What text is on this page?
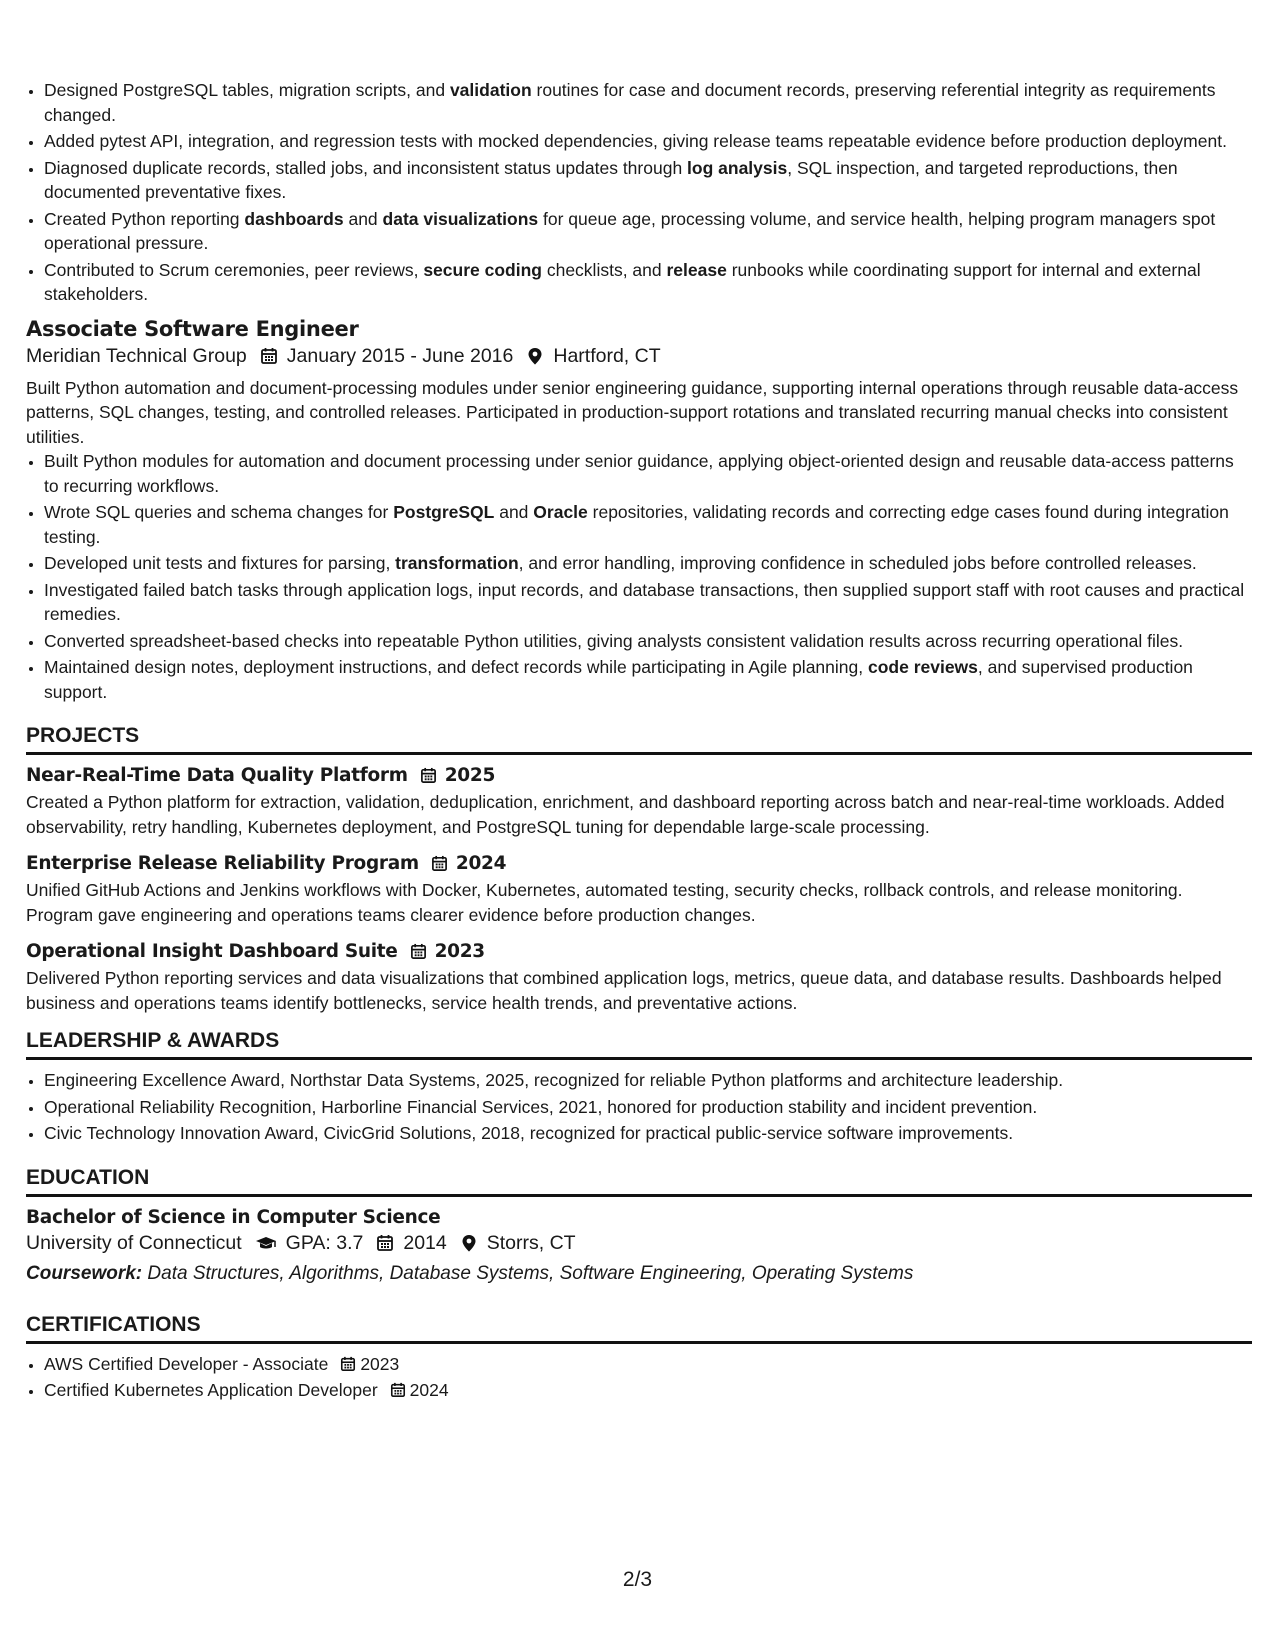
• Designed PostgreSQL tables, migration scripts, and validation routines for case and document records, preserving referential integrity as requirements changed.
• Added pytest API, integration, and regression tests with mocked dependencies, giving release teams repeatable evidence before production deployment.
• Diagnosed duplicate records, stalled jobs, and inconsistent status updates through log analysis, SQL inspection, and targeted reproductions, then documented preventative fixes.
• Created Python reporting dashboards and data visualizations for queue age, processing volume, and service health, helping program managers spot operational pressure.
• Contributed to Scrum ceremonies, peer reviews, secure coding checklists, and release runbooks while coordinating support for internal and external stakeholders.
Associate Software Engineer
Meridian Technical Group January 2015 - June 2016 Hartford, CT

Built Python automation and document-processing modules under senior engineering guidance, supporting internal operations through reusable data-access patterns, SQL changes, testing, and controlled releases. Participated in production-support rotations and translated recurring manual checks into consistent utilities.

• Built Python modules for automation and document processing under senior guidance, applying object-oriented design and reusable data-access patterns to recurring workflows.
• Wrote SQL queries and schema changes for PostgreSQL and Oracle repositories, validating records and correcting edge cases found during integration testing.
• Developed unit tests and fixtures for parsing, transformation, and error handling, improving confidence in scheduled jobs before controlled releases.
• Investigated failed batch tasks through application logs, input records, and database transactions, then supplied support staff with root causes and practical remedies.
• Converted spreadsheet-based checks into repeatable Python utilities, giving analysts consistent validation results across recurring operational files.
• Maintained design notes, deployment instructions, and defect records while participating in Agile planning, code reviews, and supervised production support.
PROJECTS
Near-Real-Time Data Quality Platform 2025

Created a Python platform for extraction, validation, deduplication, enrichment, and dashboard reporting across batch and near-real-time workloads. Added observability, retry handling, Kubernetes deployment, and PostgreSQL tuning for dependable large-scale processing.

Enterprise Release Reliability Program 2024

Unified GitHub Actions and Jenkins workflows with Docker, Kubernetes, automated testing, security checks, rollback controls, and release monitoring. Program gave engineering and operations teams clearer evidence before production changes.

Operational Insight Dashboard Suite 2023

Delivered Python reporting services and data visualizations that combined application logs, metrics, queue data, and database results. Dashboards helped business and operations teams identify bottlenecks, service health trends, and preventative actions.

LEADERSHIP & AWARDS
• Engineering Excellence Award, Northstar Data Systems, 2025, recognized for reliable Python platforms and architecture leadership.
• Operational Reliability Recognition, Harborline Financial Services, 2021, honored for production stability and incident prevention.
• Civic Technology Innovation Award, CivicGrid Solutions, 2018, recognized for practical public-service software improvements.
EDUCATION
Bachelor of Science in Computer Science
University of Connecticut GPA: 3.7 2014 Storrs, CT
Coursework: Data Structures, Algorithms, Database Systems, Software Engineering, Operating Systems
CERTIFICATIONS
• AWS Certified Developer - Associate 2023
• Certified Kubernetes Application Developer 2024
2/3
